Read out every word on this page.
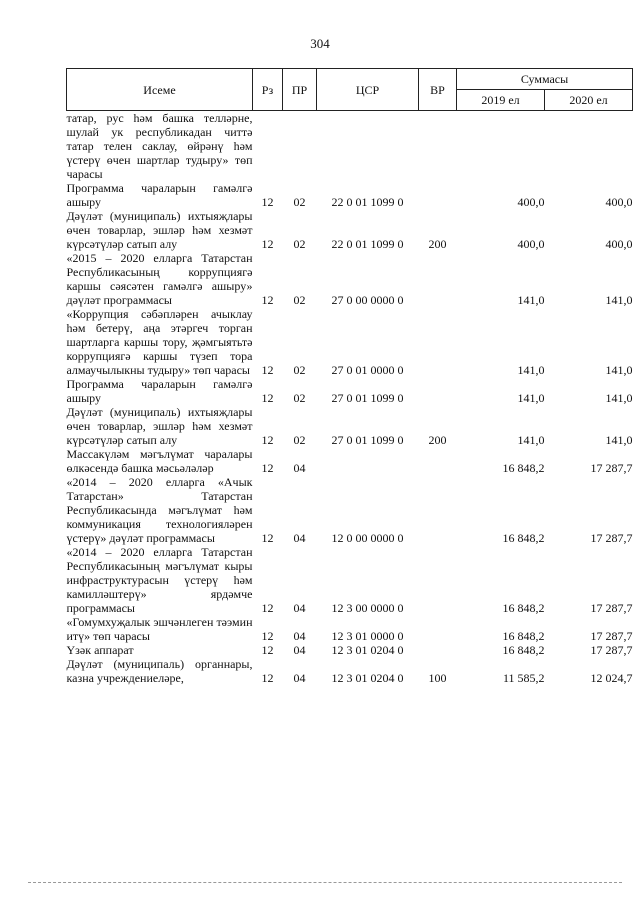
304
Исеме	Рз	ПР	ЦСР	ВР	Суммасы	
					2019 ел	2020 ел
татар, рус һәм башка телләрне, шулай ук республикадан читтә татар телен саклау, өйрәнү һәм үстерү өчен шартлар тудыру» төп чарасы						
Программа чараларын гамәлгә ашыру	12	02	22 0 01 1099 0		400,0	400,0
Дәүләт (муниципаль) ихтыяҗлары өчен товарлар, эшләр һәм хезмәт күрсәтүләр сатып алу	12	02	22 0 01 1099 0	200	400,0	400,0
«2015 – 2020 елларга Татарстан Республикасының коррупциягә каршы сәясәтен гамәлгә ашыру» дәүләт программасы	12	02	27 0 00 0000 0		141,0	141,0
«Коррупция сәбәпләрен ачыклау һәм бетерү, аңа этәргеч торган шартларга каршы тору, җәмгыятьтә коррупциягә каршы түзеп тора алмаучылыкны тудыру» төп чарасы	12	02	27 0 01 0000 0		141,0	141,0
Программа чараларын гамәлгә ашыру	12	02	27 0 01 1099 0		141,0	141,0
Дәүләт (муниципаль) ихтыяҗлары өчен товарлар, эшләр һәм хезмәт күрсәтүләр сатып алу	12	02	27 0 01 1099 0	200	141,0	141,0
Массакүләм мәгълүмат чаралары өлкәсендә башка мәсьәләләр	12	04			16 848,2	17 287,7
«2014 – 2020 елларга «Ачык Татарстан» Татарстан Республикасында мәгълүмат һәм коммуникация технологияләрен үстерү» дәүләт программасы	12	04	12 0 00 0000 0		16 848,2	17 287,7
«2014 – 2020 елларга Татарстан Республикасының мәгълүмат кыры инфраструктурасын үстерү һәм камилләштерү» ярдәмче программасы	12	04	12 3 00 0000 0		16 848,2	17 287,7
«Гомумхуҗалык эшчәнлеген тәэмин итү» төп чарасы	12	04	12 3 01 0000 0		16 848,2	17 287,7
Үзәк аппарат	12	04	12 3 01 0204 0		16 848,2	17 287,7
Дәүләт (муниципаль) органнары, казна учреждениеләре,	12	04	12 3 01 0204 0	100	11 585,2	12 024,7
